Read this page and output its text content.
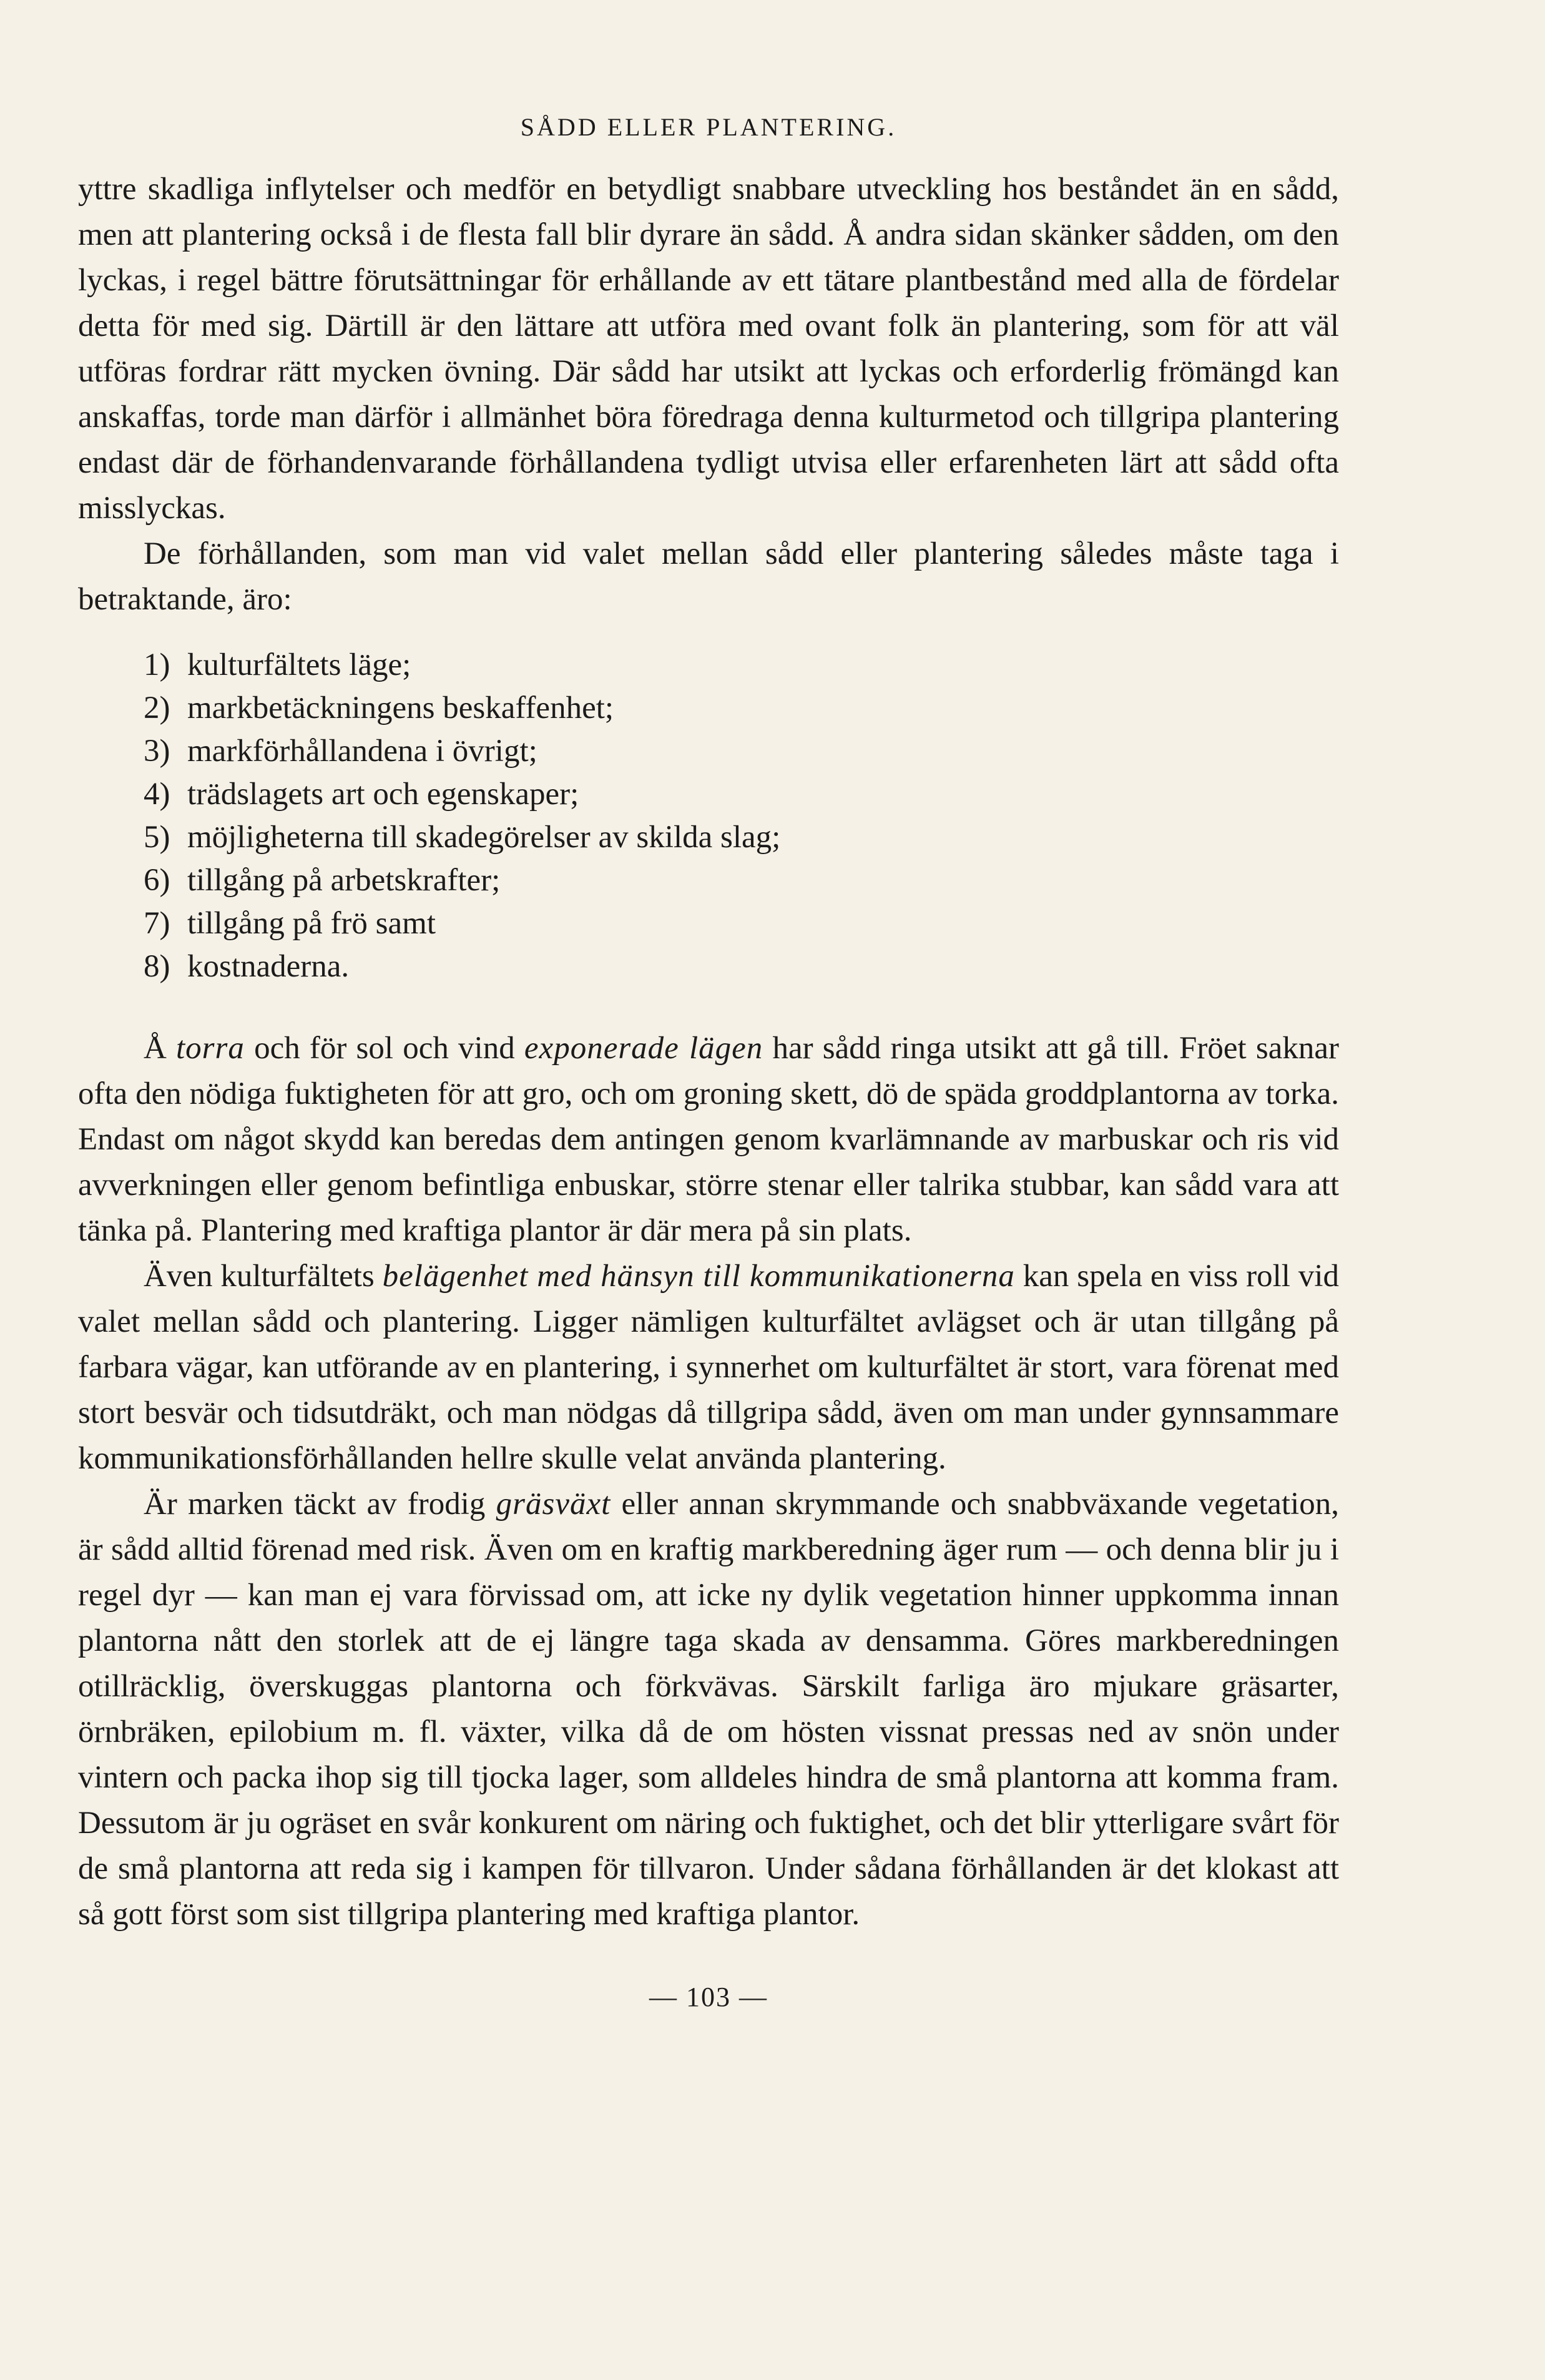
SÅDD ELLER PLANTERING.

yttre skadliga inflytelser och medför en betydligt snabbare utveckling hos beståndet än en sådd, men att plantering också i de flesta fall blir dyrare än sådd. Å andra sidan skänker sådden, om den lyckas, i regel bättre förutsättningar för erhållande av ett tätare plantbestånd med alla de fördelar detta för med sig. Därtill är den lättare att utföra med ovant folk än plantering, som för att väl utföras fordrar rätt mycken övning. Där sådd har utsikt att lyckas och erforderlig frömängd kan anskaffas, torde man därför i allmänhet böra föredraga denna kulturmetod och tillgripa plantering endast där de förhandenvarande förhållandena tydligt utvisa eller erfarenheten lärt att sådd ofta misslyckas.

De förhållanden, som man vid valet mellan sådd eller plantering således måste taga i betraktande, äro:

1) kulturfältets läge;
2) markbetäckningens beskaffenhet;
3) markförhållandena i övrigt;
4) trädslagets art och egenskaper;
5) möjligheterna till skadegörelser av skilda slag;
6) tillgång på arbetskrafter;
7) tillgång på frö samt
8) kostnaderna.

Å torra och för sol och vind exponerade lägen har sådd ringa utsikt att gå till. Fröet saknar ofta den nödiga fuktigheten för att gro, och om groning skett, dö de späda groddplantorna av torka. Endast om något skydd kan beredas dem antingen genom kvarlämnande av marbuskar och ris vid avverkningen eller genom befintliga enbuskar, större stenar eller talrika stubbar, kan sådd vara att tänka på. Plantering med kraftiga plantor är där mera på sin plats.

Även kulturfältets belägenhet med hänsyn till kommunikationerna kan spela en viss roll vid valet mellan sådd och plantering. Ligger nämligen kulturfältet avlägset och är utan tillgång på farbara vägar, kan utförande av en plantering, i synnerhet om kulturfältet är stort, vara förenat med stort besvär och tidsutdräkt, och man nödgas då tillgripa sådd, även om man under gynnsammare kommunikationsförhållanden hellre skulle velat använda plantering.

Är marken täckt av frodig gräsväxt eller annan skrymmande och snabbväxande vegetation, är sådd alltid förenad med risk. Även om en kraftig markberedning äger rum — och denna blir ju i regel dyr — kan man ej vara förvissad om, att icke ny dylik vegetation hinner uppkomma innan plantorna nått den storlek att de ej längre taga skada av densamma. Göres markberedningen otillräcklig, överskuggas plantorna och förkvävas. Särskilt farliga äro mjukare gräsarter, örnbräken, epilobium m. fl. växter, vilka då de om hösten vissnat pressas ned av snön under vintern och packa ihop sig till tjocka lager, som alldeles hindra de små plantorna att komma fram. Dessutom är ju ogräset en svår konkurent om näring och fuktighet, och det blir ytterligare svårt för de små plantorna att reda sig i kampen för tillvaron. Under sådana förhållanden är det klokast att så gott först som sist tillgripa plantering med kraftiga plantor.

— 103 —
